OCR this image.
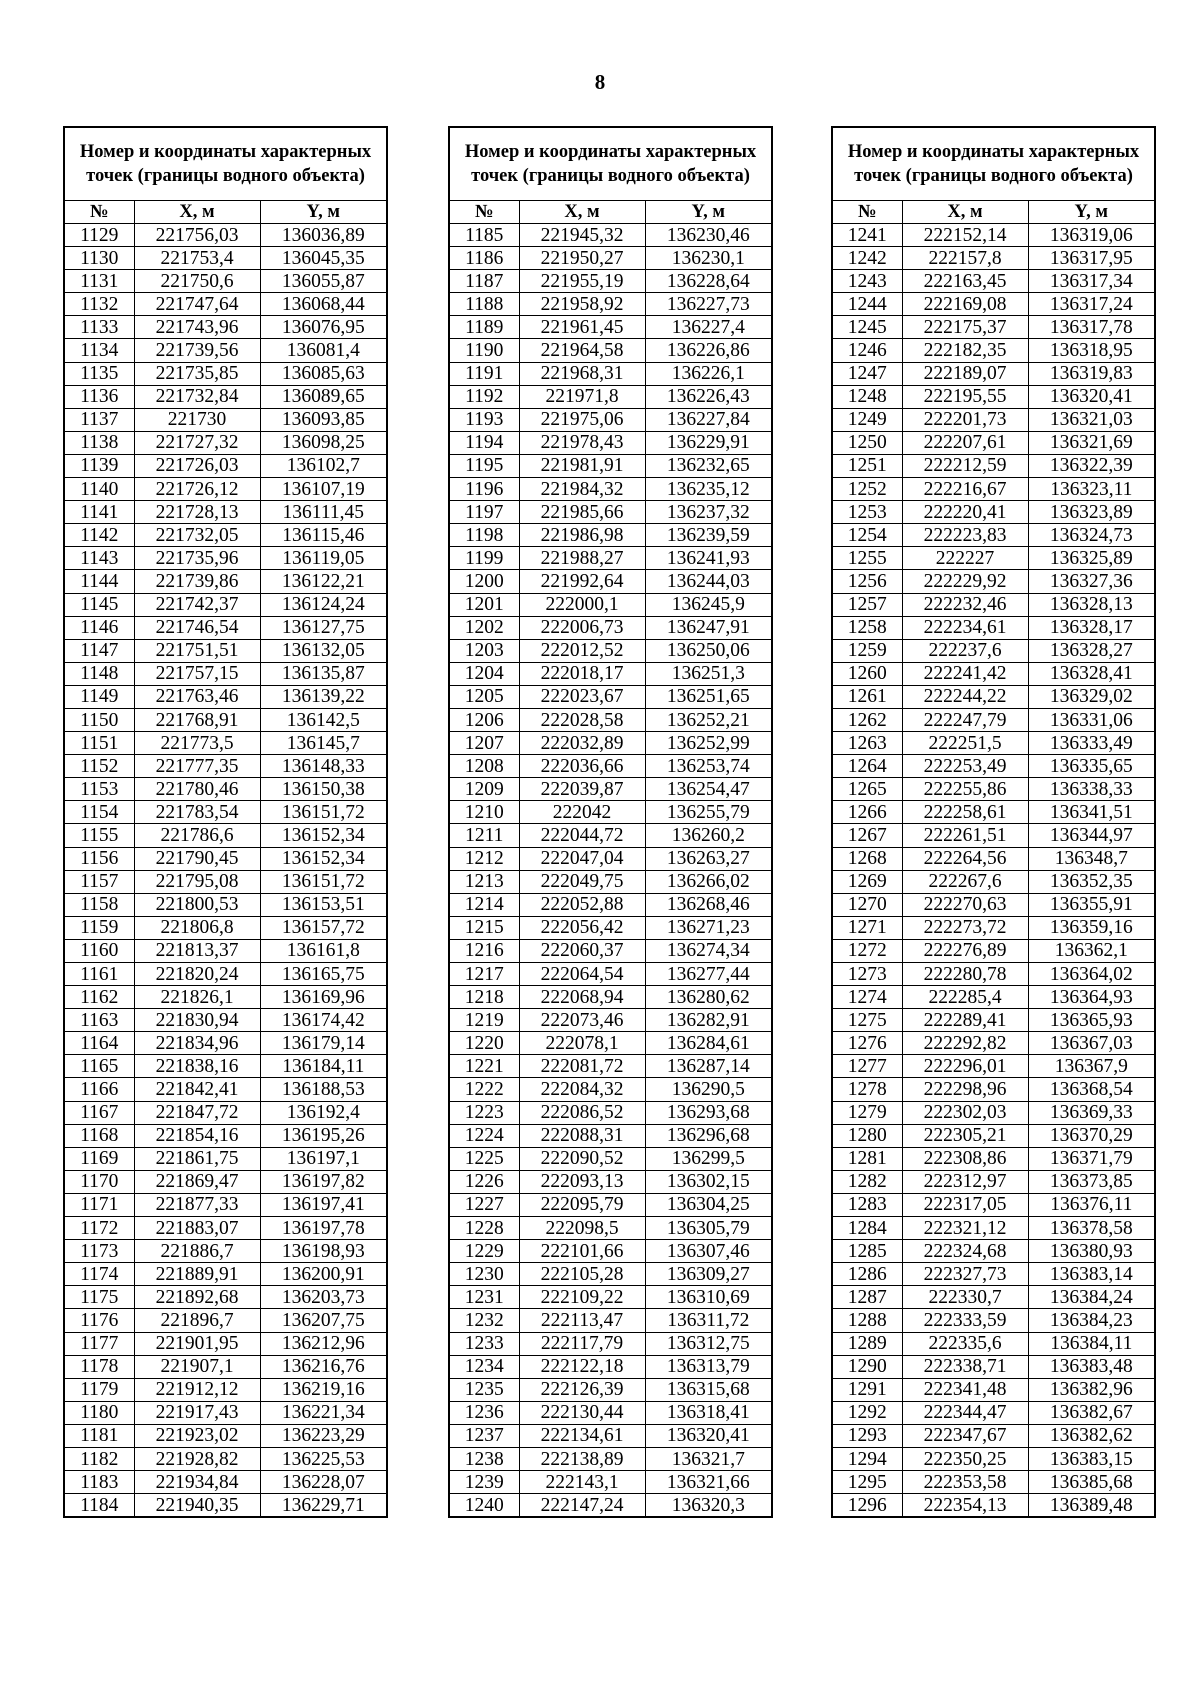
8
Номер и координаты характерных точек (границы водного объекта)		
№	X, м	Y, м
1129	221756,03	136036,89
1130	221753,4	136045,35
1131	221750,6	136055,87
1132	221747,64	136068,44
1133	221743,96	136076,95
1134	221739,56	136081,4
1135	221735,85	136085,63
1136	221732,84	136089,65
1137	221730	136093,85
1138	221727,32	136098,25
1139	221726,03	136102,7
1140	221726,12	136107,19
1141	221728,13	136111,45
1142	221732,05	136115,46
1143	221735,96	136119,05
1144	221739,86	136122,21
1145	221742,37	136124,24
1146	221746,54	136127,75
1147	221751,51	136132,05
1148	221757,15	136135,87
1149	221763,46	136139,22
1150	221768,91	136142,5
1151	221773,5	136145,7
1152	221777,35	136148,33
1153	221780,46	136150,38
1154	221783,54	136151,72
1155	221786,6	136152,34
1156	221790,45	136152,34
1157	221795,08	136151,72
1158	221800,53	136153,51
1159	221806,8	136157,72
1160	221813,37	136161,8
1161	221820,24	136165,75
1162	221826,1	136169,96
1163	221830,94	136174,42
1164	221834,96	136179,14
1165	221838,16	136184,11
1166	221842,41	136188,53
1167	221847,72	136192,4
1168	221854,16	136195,26
1169	221861,75	136197,1
1170	221869,47	136197,82
1171	221877,33	136197,41
1172	221883,07	136197,78
1173	221886,7	136198,93
1174	221889,91	136200,91
1175	221892,68	136203,73
1176	221896,7	136207,75
1177	221901,95	136212,96
1178	221907,1	136216,76
1179	221912,12	136219,16
1180	221917,43	136221,34
1181	221923,02	136223,29
1182	221928,82	136225,53
1183	221934,84	136228,07
1184	221940,35	136229,71
Номер и координаты характерных точек (границы водного объекта)		
№	X, м	Y, м
1185	221945,32	136230,46
1186	221950,27	136230,1
1187	221955,19	136228,64
1188	221958,92	136227,73
1189	221961,45	136227,4
1190	221964,58	136226,86
1191	221968,31	136226,1
1192	221971,8	136226,43
1193	221975,06	136227,84
1194	221978,43	136229,91
1195	221981,91	136232,65
1196	221984,32	136235,12
1197	221985,66	136237,32
1198	221986,98	136239,59
1199	221988,27	136241,93
1200	221992,64	136244,03
1201	222000,1	136245,9
1202	222006,73	136247,91
1203	222012,52	136250,06
1204	222018,17	136251,3
1205	222023,67	136251,65
1206	222028,58	136252,21
1207	222032,89	136252,99
1208	222036,66	136253,74
1209	222039,87	136254,47
1210	222042	136255,79
1211	222044,72	136260,2
1212	222047,04	136263,27
1213	222049,75	136266,02
1214	222052,88	136268,46
1215	222056,42	136271,23
1216	222060,37	136274,34
1217	222064,54	136277,44
1218	222068,94	136280,62
1219	222073,46	136282,91
1220	222078,1	136284,61
1221	222081,72	136287,14
1222	222084,32	136290,5
1223	222086,52	136293,68
1224	222088,31	136296,68
1225	222090,52	136299,5
1226	222093,13	136302,15
1227	222095,79	136304,25
1228	222098,5	136305,79
1229	222101,66	136307,46
1230	222105,28	136309,27
1231	222109,22	136310,69
1232	222113,47	136311,72
1233	222117,79	136312,75
1234	222122,18	136313,79
1235	222126,39	136315,68
1236	222130,44	136318,41
1237	222134,61	136320,41
1238	222138,89	136321,7
1239	222143,1	136321,66
1240	222147,24	136320,3
Номер и координаты характерных точек (границы водного объекта)		
№	X, м	Y, м
1241	222152,14	136319,06
1242	222157,8	136317,95
1243	222163,45	136317,34
1244	222169,08	136317,24
1245	222175,37	136317,78
1246	222182,35	136318,95
1247	222189,07	136319,83
1248	222195,55	136320,41
1249	222201,73	136321,03
1250	222207,61	136321,69
1251	222212,59	136322,39
1252	222216,67	136323,11
1253	222220,41	136323,89
1254	222223,83	136324,73
1255	222227	136325,89
1256	222229,92	136327,36
1257	222232,46	136328,13
1258	222234,61	136328,17
1259	222237,6	136328,27
1260	222241,42	136328,41
1261	222244,22	136329,02
1262	222247,79	136331,06
1263	222251,5	136333,49
1264	222253,49	136335,65
1265	222255,86	136338,33
1266	222258,61	136341,51
1267	222261,51	136344,97
1268	222264,56	136348,7
1269	222267,6	136352,35
1270	222270,63	136355,91
1271	222273,72	136359,16
1272	222276,89	136362,1
1273	222280,78	136364,02
1274	222285,4	136364,93
1275	222289,41	136365,93
1276	222292,82	136367,03
1277	222296,01	136367,9
1278	222298,96	136368,54
1279	222302,03	136369,33
1280	222305,21	136370,29
1281	222308,86	136371,79
1282	222312,97	136373,85
1283	222317,05	136376,11
1284	222321,12	136378,58
1285	222324,68	136380,93
1286	222327,73	136383,14
1287	222330,7	136384,24
1288	222333,59	136384,23
1289	222335,6	136384,11
1290	222338,71	136383,48
1291	222341,48	136382,96
1292	222344,47	136382,67
1293	222347,67	136382,62
1294	222350,25	136383,15
1295	222353,58	136385,68
1296	222354,13	136389,48
